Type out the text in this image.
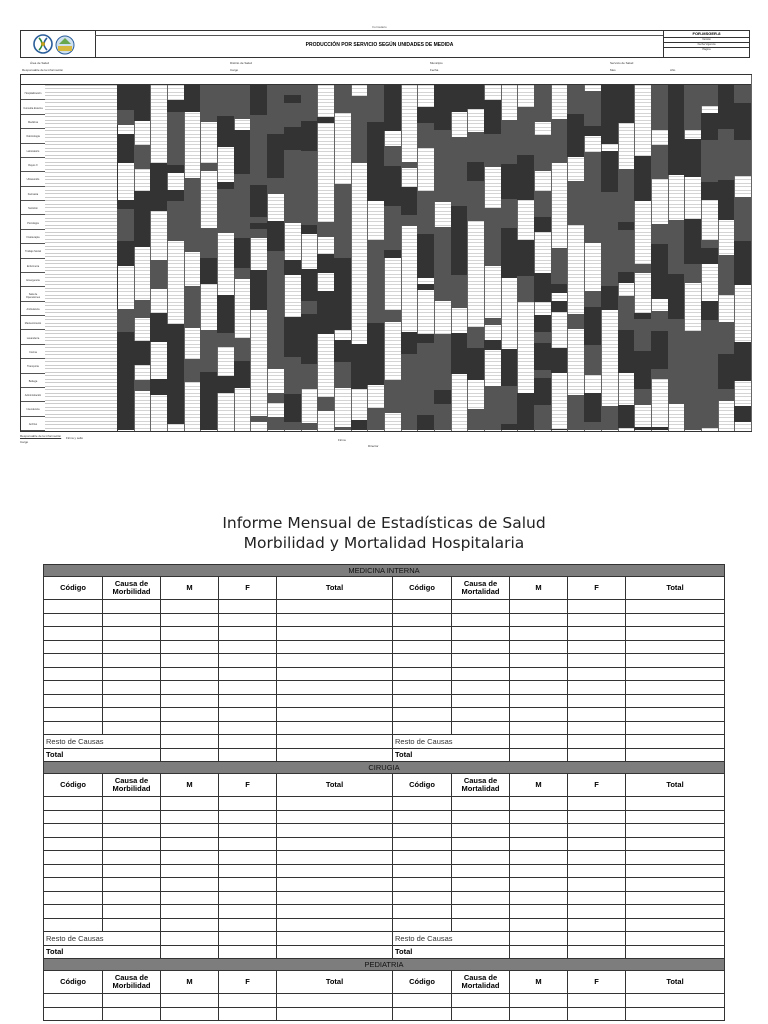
Formulario
PRODUCCIÓN POR SERVICIO SEGÚN UNIDADES DE MEDIDA
FOR-MSGER-8
Versión
Fecha Vigencia
Página
Área de Salud	Distrito de Salud	Municipio	Servicio de Salud
Responsable de la información	Cargo	Fecha	Mes	Año
Hospitalización
Consulta Externa
Medicina
Odontología
Laboratorio
Rayos X
Ultrasonido
Farmacia
Nutrición
Psicología
Fisioterapia
Trabajo Social
Enfermería
Emergencia
Sala de Operaciones
Ambulancia
Mantenimiento
Lavandería
Cocina
Transporte
Bodega
Administración
Intendencia
Archivo
Responsable de la información
Cargo
Firma y sello	Firma
Director
Informe Mensual de Estadísticas de Salud
Morbilidad y Mortalidad Hospitalaria
MEDICINA INTERNA									
Código	Causa de Morbilidad	M	F	Total	Código	Causa de Mortalidad	M	F	Total

Resto de Causas					Resto de Causas				
Total					Total				
CIRUGIA									
Código	Causa de Morbilidad	M	F	Total	Código	Causa de Mortalidad	M	F	Total

Resto de Causas					Resto de Causas				
Total					Total				
PEDIATRIA									
Código	Causa de Morbilidad	M	F	Total	Código	Causa de Mortalidad	M	F	Total
